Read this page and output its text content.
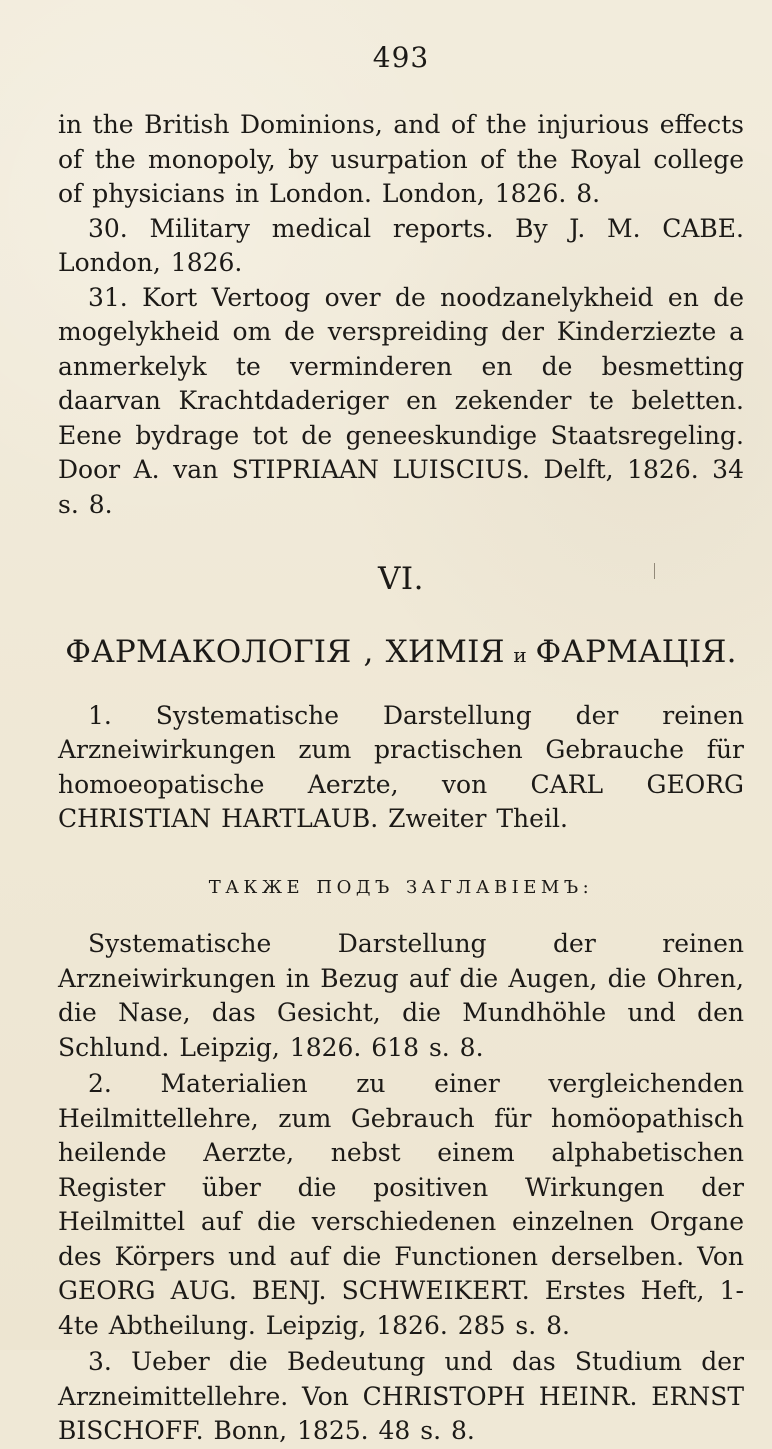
493

in the British Dominions, and of the injurious effects of the monopoly, by usurpation of the Royal college of physicians in London. London, 1826. 8.

30. Military medical reports. By J. M. CABE. London, 1826.

31. Kort Vertoog over de noodzanelykheid en de mogelykheid om de verspreiding der Kinderziezte a anmerkelyk te verminderen en de besmetting daarvan Krachtdaderiger en zekender te beletten. Eene bydrage tot de geneeskundige Staatsregeling. Door A. van STIPRIAAN LUISCIUS. Delft, 1826. 34 s. 8.

VI.
ФАРМАКОЛОГІЯ , ХИМІЯ и ФАРМАЦІЯ.

1. Systematische Darstellung der reinen Arzneiwirkungen zum practischen Gebrauche für homoeopatische Aerzte, von CARL GEORG CHRISTIAN HARTLAUB. Zweiter Theil.

ТАКЖЕ ПОДЪ ЗАГЛАВІЕМЪ:

Systematische Darstellung der reinen Arzneiwirkungen in Bezug auf die Augen, die Ohren, die Nase, das Gesicht, die Mundhöhle und den Schlund. Leipzig, 1826. 618 s. 8.

2. Materialien zu einer vergleichenden Heilmittellehre, zum Gebrauch für homöopathisch heilende Aerzte, nebst einem alphabetischen Register über die positiven Wirkungen der Heilmittel auf die verschiedenen einzelnen Organe des Körpers und auf die Functionen derselben. Von GEORG AUG. BENJ. SCHWEIKERT. Erstes Heft, 1-4te Abtheilung. Leipzig, 1826. 285 s. 8.

3. Ueber die Bedeutung und das Studium der Arzneimittellehre. Von CHRISTOPH HEINR. ERNST BISCHOFF. Bonn, 1825. 48 s. 8.
